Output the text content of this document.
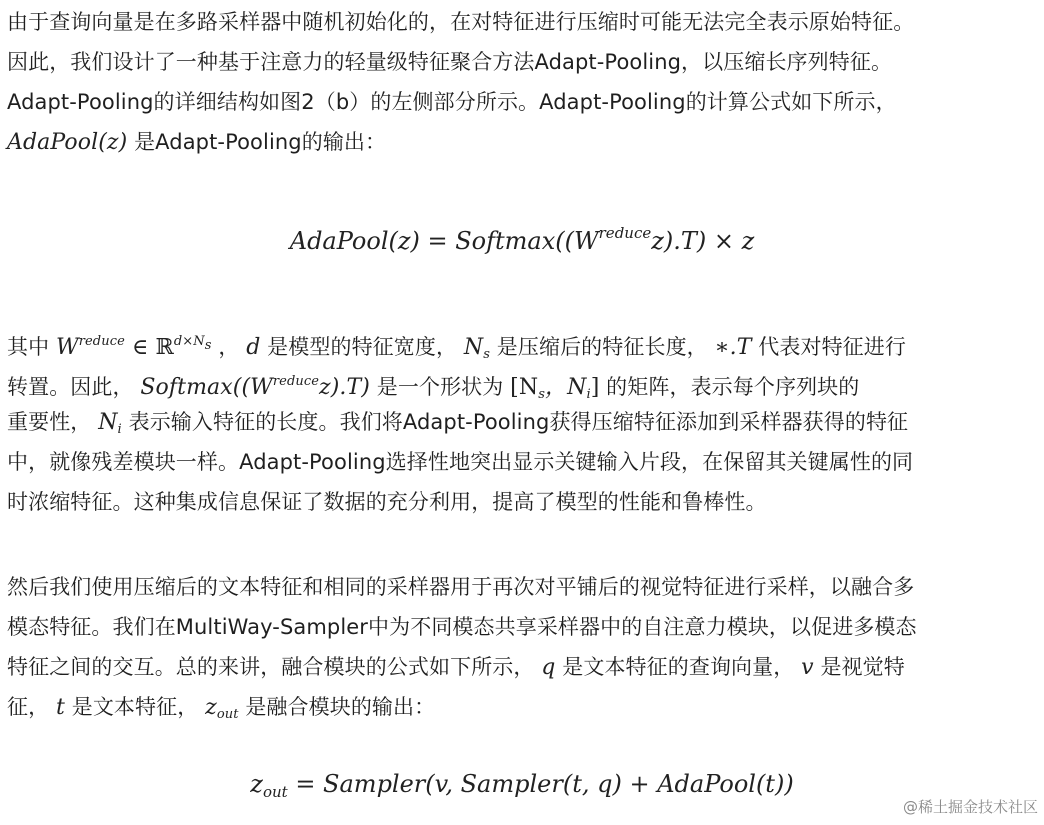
由于查询向量是在多路采样器中随机初始化的，在对特征进行压缩时可能无法完全表示原始特征。
因此，我们设计了一种基于注意力的轻量级特征聚合方法Adapt-Pooling，以压缩长序列特征。
Adapt-Pooling的详细结构如图2（b）的左侧部分所示。Adapt-Pooling的计算公式如下所示，
AdaPool(z) 是Adapt-Pooling的输出：
AdaPool(z) = $Softmax((W^{reduce}z).T) \times z$
其中 $W^{reduce}$ ∈ ℝ$^{d\times N_s}$ ， d 是模型的特征宽度， $N_s$ 是压缩后的特征长度， ∗.T 代表对特征进行
转置。因此， $Softmax((W^{reduce}z).T)$ 是一个形状为 [$N_s$，$N_i$] 的矩阵，表示每个序列块的
重要性， $N_i$ 表示输入特征的长度。我们将Adapt-Pooling获得压缩特征添加到采样器获得的特征
中，就像残差模块一样。Adapt-Pooling选择性地突出显示关键输入片段，在保留其关键属性的同
时浓缩特征。这种集成信息保证了数据的充分利用，提高了模型的性能和鲁棒性。
然后我们使用压缩后的文本特征和相同的采样器用于再次对平铺后的视觉特征进行采样，以融合多
模态特征。我们在MultiWay-Sampler中为不同模态共享采样器中的自注意力模块，以促进多模态
特征之间的交互。总的来讲，融合模块的公式如下所示， q 是文本特征的查询向量， v 是视觉特
征， t 是文本特征， $z_{out}$ 是融合模块的输出：
$z_{out}$ = Sampler(v, Sampler(t, q) + AdaPool(t))
@稀土掘金技术社区
